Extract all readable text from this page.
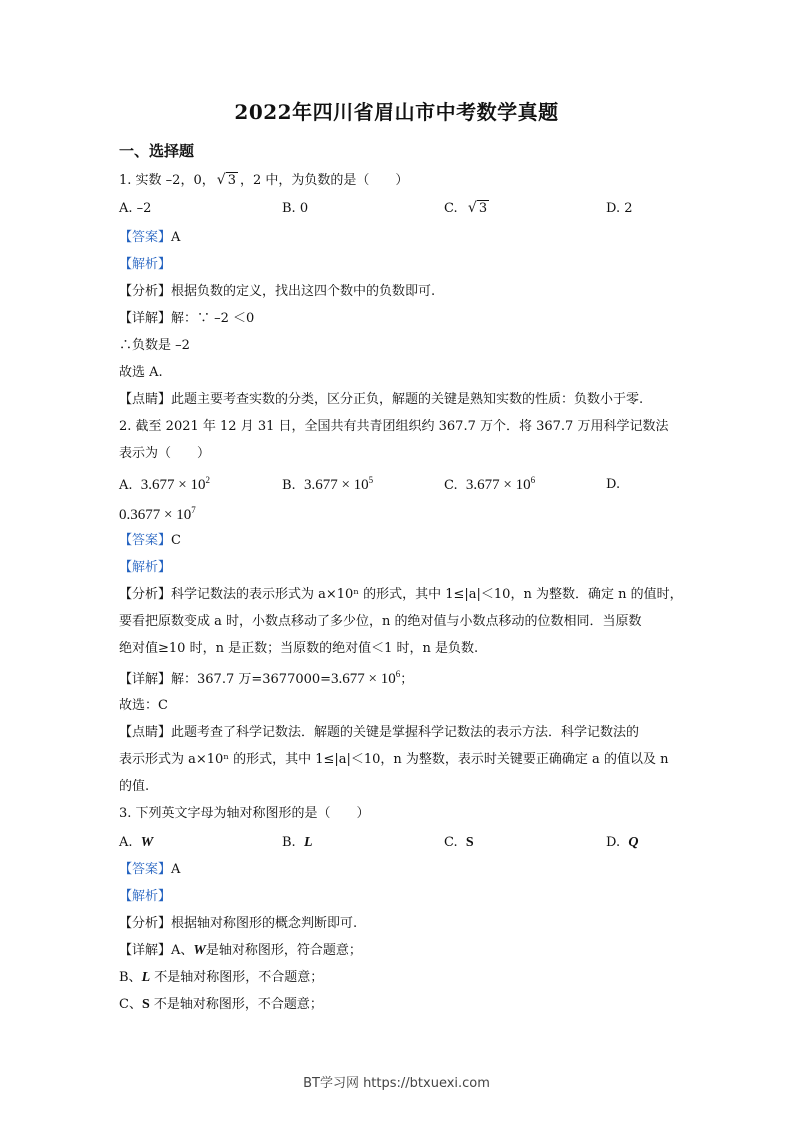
2022年四川省眉山市中考数学真题
一、选择题
1. 实数 –2，0， √ 3 ，2 中，为负数的是（　　）
A. –2	B. 0	C. √ 3	D. 2
【答案】A
【解析】
【分析】根据负数的定义，找出这四个数中的负数即可.
【详解】解：∵ –2 ＜0
∴负数是 –2
故选 A.
【点睛】此题主要考查实数的分类，区分正负，解题的关键是熟知实数的性质：负数小于零.
2. 截至 2021 年 12 月 31 日，全国共有共青团组织约 367.7 万个．将 367.7 万用科学记数法
表示为（　　）
A. $3.677 \times 10^2$	B. $3.677 \times 10^5$	C. $3.677 \times 10^6$	D.
$0.3677 \times 10^7$
【答案】C
【解析】
【分析】科学记数法的表示形式为 a×10ⁿ 的形式，其中 1≤|a|＜10，n 为整数．确定 n 的值时，
要看把原数变成 a 时，小数点移动了多少位，n 的绝对值与小数点移动的位数相同．当原数
绝对值≥10 时，n 是正数；当原数的绝对值＜1 时，n 是负数.
【详解】解：367.7 万$=3677000=3.677 \times 10^6$；
故选：C
【点睛】此题考查了科学记数法．解题的关键是掌握科学记数法的表示方法．科学记数法的
表示形式为 a×10ⁿ 的形式，其中 1≤|a|＜10，n 为整数，表示时关键要正确确定 a 的值以及 n
的值.
3. 下列英文字母为轴对称图形的是（　　）
A. W	B. L	C. S	D. Q
【答案】A
【解析】
【分析】根据轴对称图形的概念判断即可.
【详解】A、W是轴对称图形，符合题意；
B、L 不是轴对称图形，不合题意；
C、S 不是轴对称图形，不合题意；
BT学习网 https://btxuexi.com
